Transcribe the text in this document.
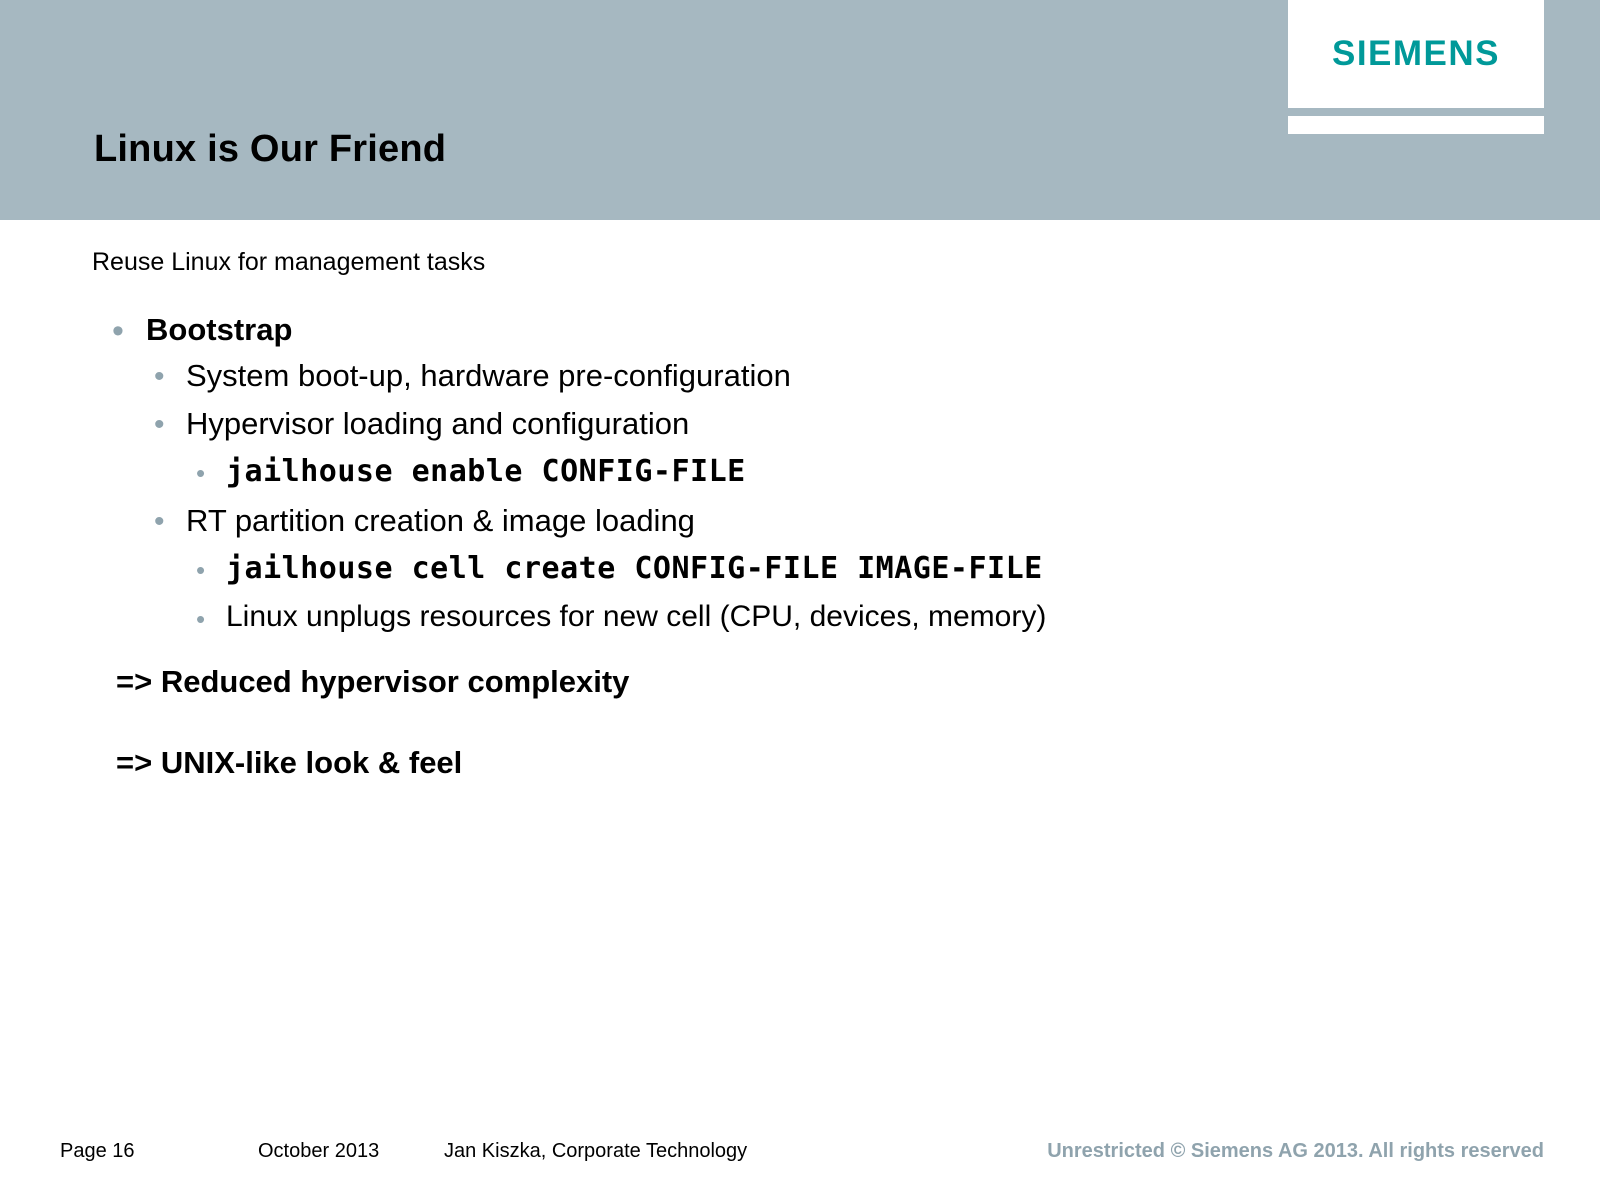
SIEMENS
Linux is Our Friend
Reuse Linux for management tasks
• Bootstrap
• System boot-up, hardware pre-configuration
• Hypervisor loading and configuration
• jailhouse enable CONFIG-FILE
• RT partition creation & image loading
• jailhouse cell create CONFIG-FILE IMAGE-FILE
• Linux unplugs resources for new cell (CPU, devices, memory)
=> Reduced hypervisor complexity
=> UNIX-like look & feel
Page 16	October 2013	Jan Kiszka, Corporate Technology	Unrestricted © Siemens AG 2013. All rights reserved
